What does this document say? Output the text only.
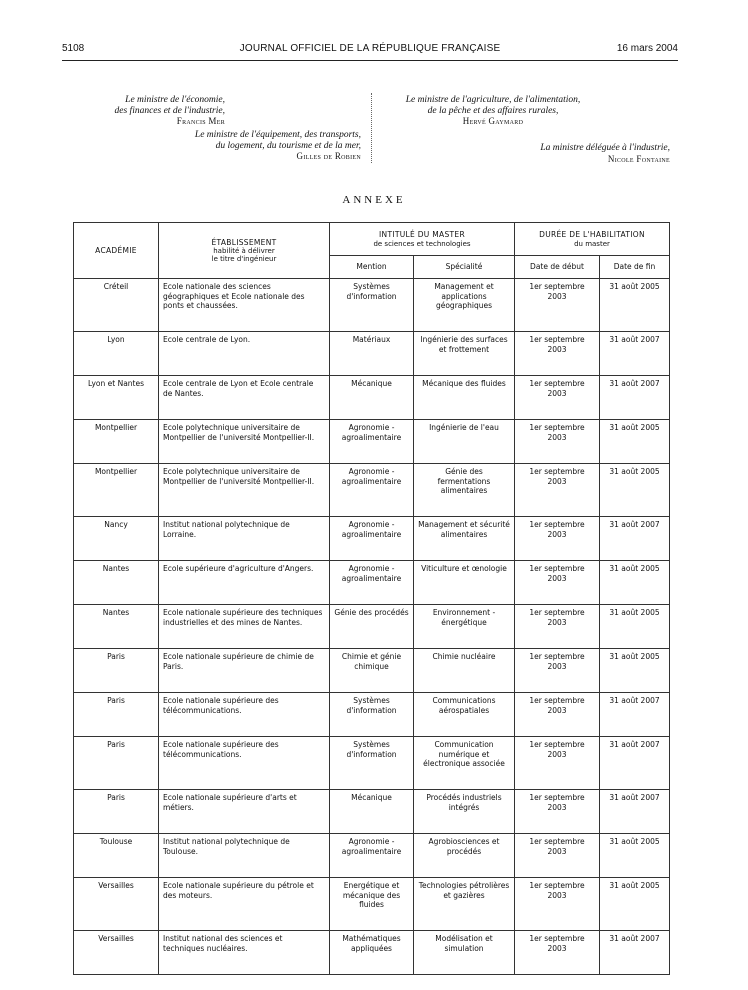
5108	JOURNAL OFFICIEL DE LA RÉPUBLIQUE FRANÇAISE	16 mars 2004
Le ministre de l'économie,
des finances et de l'industrie,
Francis Mer
Le ministre de l'équipement, des transports,
du logement, du tourisme et de la mer,
Gilles de Robien
Le ministre de l'agriculture, de l'alimentation,
de la pêche et des affaires rurales,
Hervé Gaymard
La ministre déléguée à l'industrie,
Nicole Fontaine
ANNEXE
ACADÉMIE	ÉTABLISSEMENT
habilité à délivrer
le titre d'ingénieur	INTITULÉ DU MASTER
de sciences et technologies		DURÉE DE L'HABILITATION
du master	

		Mention	Spécialité	Date de début	Date de fin
Créteil	Ecole nationale des sciences géographiques et Ecole nationale des ponts et chaussées.	Systèmes d'information	Management et applications géographiques	1er septembre 2003	31 août 2005
Lyon	Ecole centrale de Lyon.	Matériaux	Ingénierie des surfaces et frottement	1er septembre 2003	31 août 2007
Lyon et Nantes	Ecole centrale de Lyon et Ecole centrale de Nantes.	Mécanique	Mécanique des fluides	1er septembre 2003	31 août 2007
Montpellier	Ecole polytechnique universitaire de Montpellier de l'université Montpellier-II.	Agronomie - agroalimentaire	Ingénierie de l'eau	1er septembre 2003	31 août 2005
Montpellier	Ecole polytechnique universitaire de Montpellier de l'université Montpellier-II.	Agronomie - agroalimentaire	Génie des fermentations alimentaires	1er septembre 2003	31 août 2005
Nancy	Institut national polytechnique de Lorraine.	Agronomie - agroalimentaire	Management et sécurité alimentaires	1er septembre 2003	31 août 2007
Nantes	Ecole supérieure d'agriculture d'Angers.	Agronomie - agroalimentaire	Viticulture et œnologie	1er septembre 2003	31 août 2005
Nantes	Ecole nationale supérieure des techniques industrielles et des mines de Nantes.	Génie des procédés	Environnement - énergétique	1er septembre 2003	31 août 2005
Paris	Ecole nationale supérieure de chimie de Paris.	Chimie et génie chimique	Chimie nucléaire	1er septembre 2003	31 août 2005
Paris	Ecole nationale supérieure des télécommunications.	Systèmes d'information	Communications aérospatiales	1er septembre 2003	31 août 2007
Paris	Ecole nationale supérieure des télécommunications.	Systèmes d'information	Communication numérique et électronique associée	1er septembre 2003	31 août 2007
Paris	Ecole nationale supérieure d'arts et métiers.	Mécanique	Procédés industriels intégrés	1er septembre 2003	31 août 2007
Toulouse	Institut national polytechnique de Toulouse.	Agronomie - agroalimentaire	Agrobiosciences et procédés	1er septembre 2003	31 août 2005
Versailles	Ecole nationale supérieure du pétrole et des moteurs.	Energétique et mécanique des fluides	Technologies pétrolières et gazières	1er septembre 2003	31 août 2005
Versailles	Institut national des sciences et techniques nucléaires.	Mathématiques appliquées	Modélisation et simulation	1er septembre 2003	31 août 2007
